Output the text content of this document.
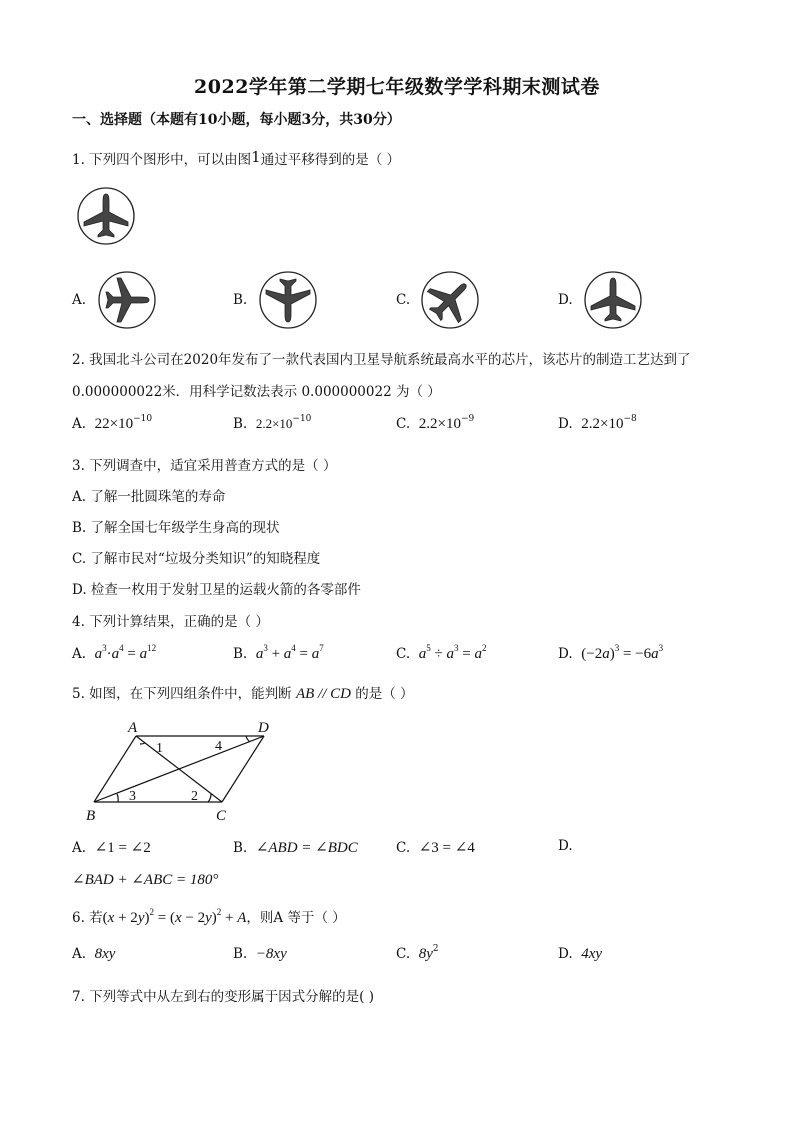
2022学年第二学期七年级数学学科期末测试卷
一、选择题（本题有10小题，每小题3分，共30分）
1. 下列四个图形中，可以由图1通过平移得到的是（ ）
A.	B.	C.	D.
2. 我国北斗公司在2020年发布了一款代表国内卫星导航系统最高水平的芯片，该芯片的制造工艺达到了
0.000000022米．用科学记数法表示 0.000000022 为（ ）
A. $22\times 10^{-10}$	B. $2.2\times 10^{-10}$	C. $2.2\times 10^{-9}$	D. $2.2\times 10^{-8}$
3. 下列调查中，适宜采用普查方式的是（ ）
A. 了解一批圆珠笔的寿命
B. 了解全国七年级学生身高的现状
C. 了解市民对“垃圾分类知识”的知晓程度
D. 检查一枚用于发射卫星的运载火箭的各零部件
4. 下列计算结果，正确的是（ ）
A. $a^3\cdot a^4 = a^{12}$	B. $a^3 + a^4 = a^7$	C. $a^5 \div a^3 = a^2$	D. $(-2a)^3 = -6a^3$
5. 如图，在下列四组条件中，能判断 AB // CD 的是（ ）
A	D
B	C
1	4
3	2
A. ∠1 = ∠2	B. ∠ABD = ∠BDC	C. ∠3 = ∠4	D.
∠BAD + ∠ABC = 180°
6. 若$(x + 2y)^2 = (x - 2y)^2 + A$，则A 等于（ ）
A. 8xy	B. −8xy	C. $8y^2$	D. 4xy
7. 下列等式中从左到右的变形属于因式分解的是( )
